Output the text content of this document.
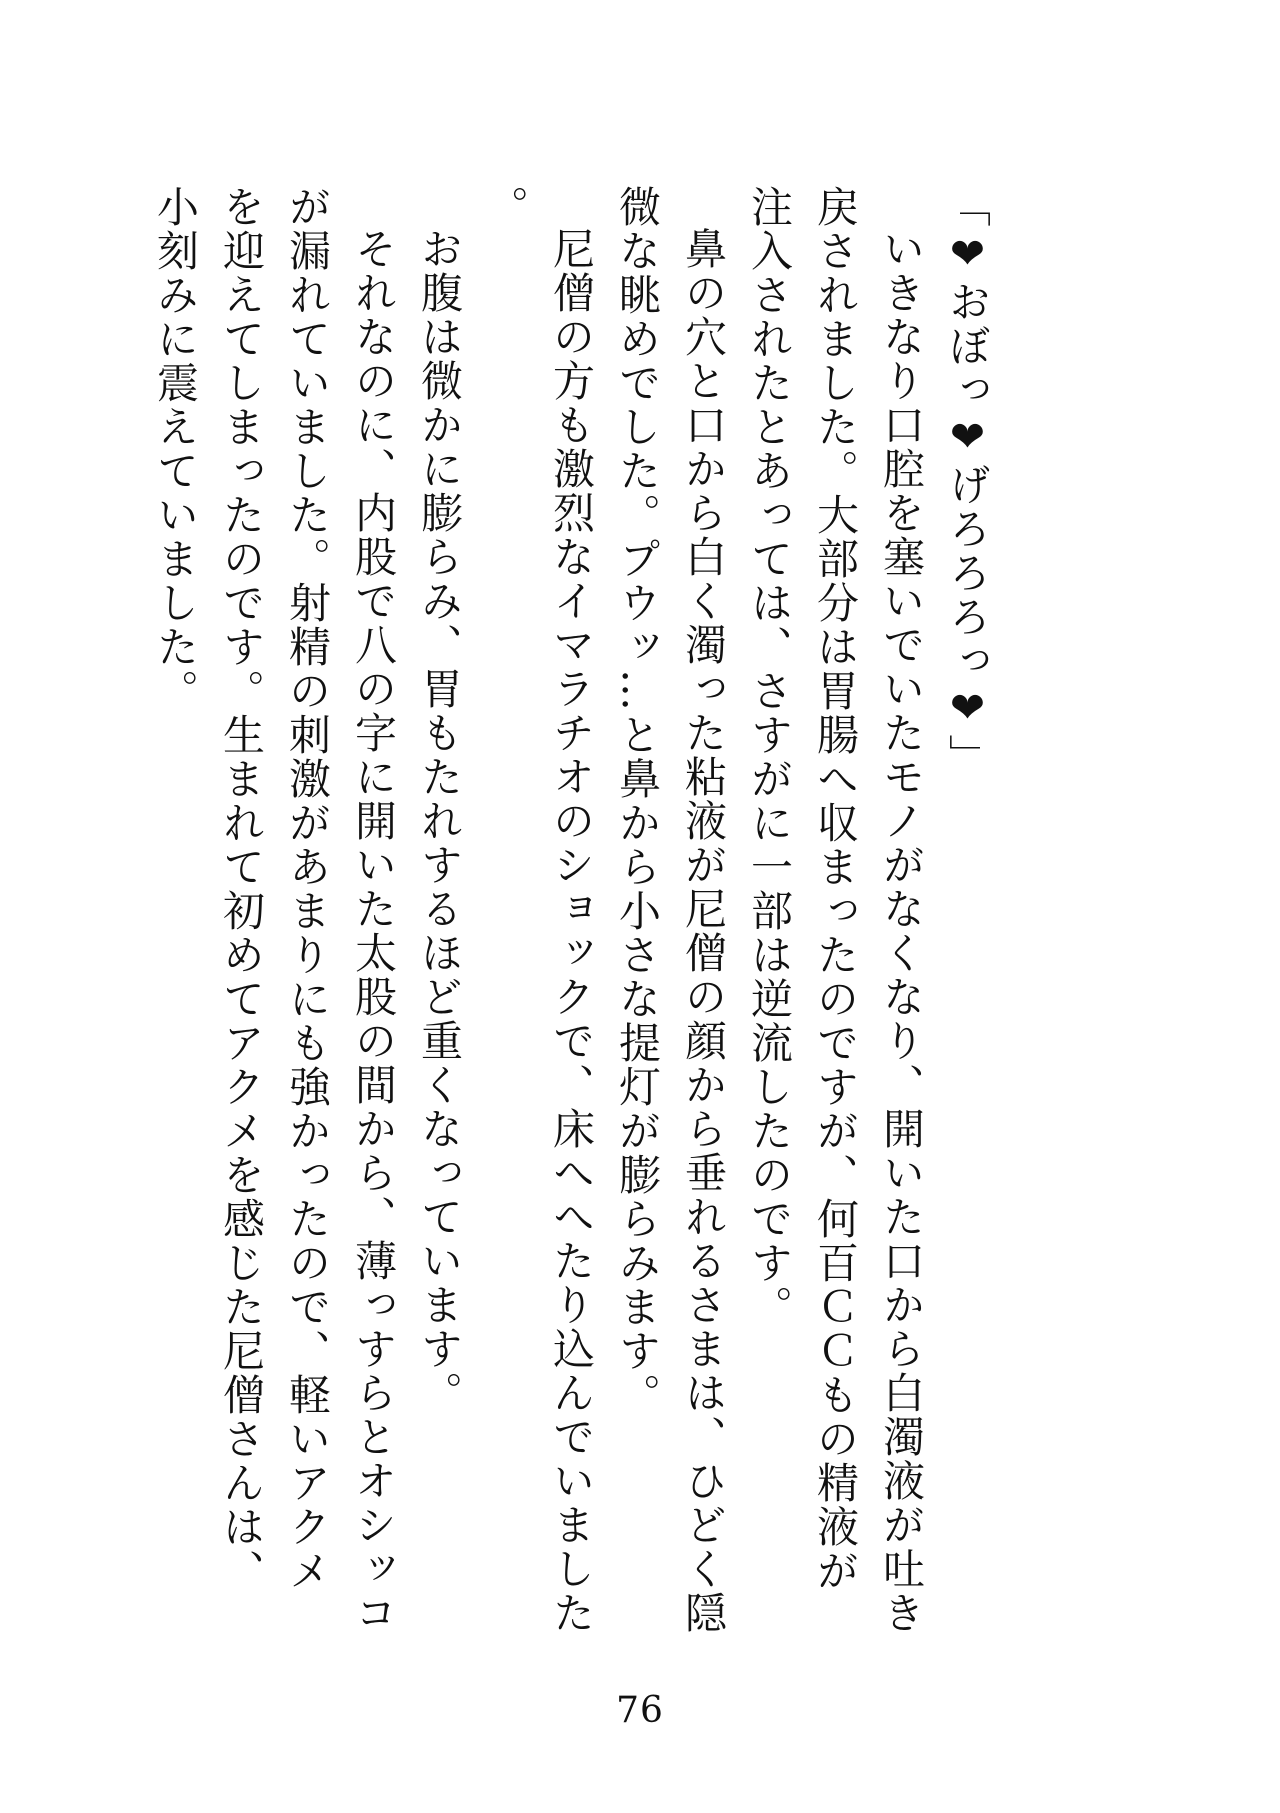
「❤おぼっ❤げろろろっ❤」

いきなり口腔を塞いでいたモノがなくなり、開いた口から白濁液が吐き戻されました。大部分は胃腸へ収まったのですが、何百ＣＣもの精液が注入されたとあっては、さすがに一部は逆流したのです。

鼻の穴と口から白く濁った粘液が尼僧の顔から垂れるさまは、ひどく隠微な眺めでした。プウッ…と鼻から小さな提灯が膨らみます。

尼僧の方も激烈なイマラチオのショックで、床へへたり込んでいました。

お腹は微かに膨らみ、胃もたれするほど重くなっています。

それなのに、内股で八の字に開いた太股の間から、薄っすらとオシッコが漏れていました。射精の刺激があまりにも強かったので、軽いアクメを迎えてしまったのです。生まれて初めてアクメを感じた尼僧さんは、小刻みに震えていました。

76
